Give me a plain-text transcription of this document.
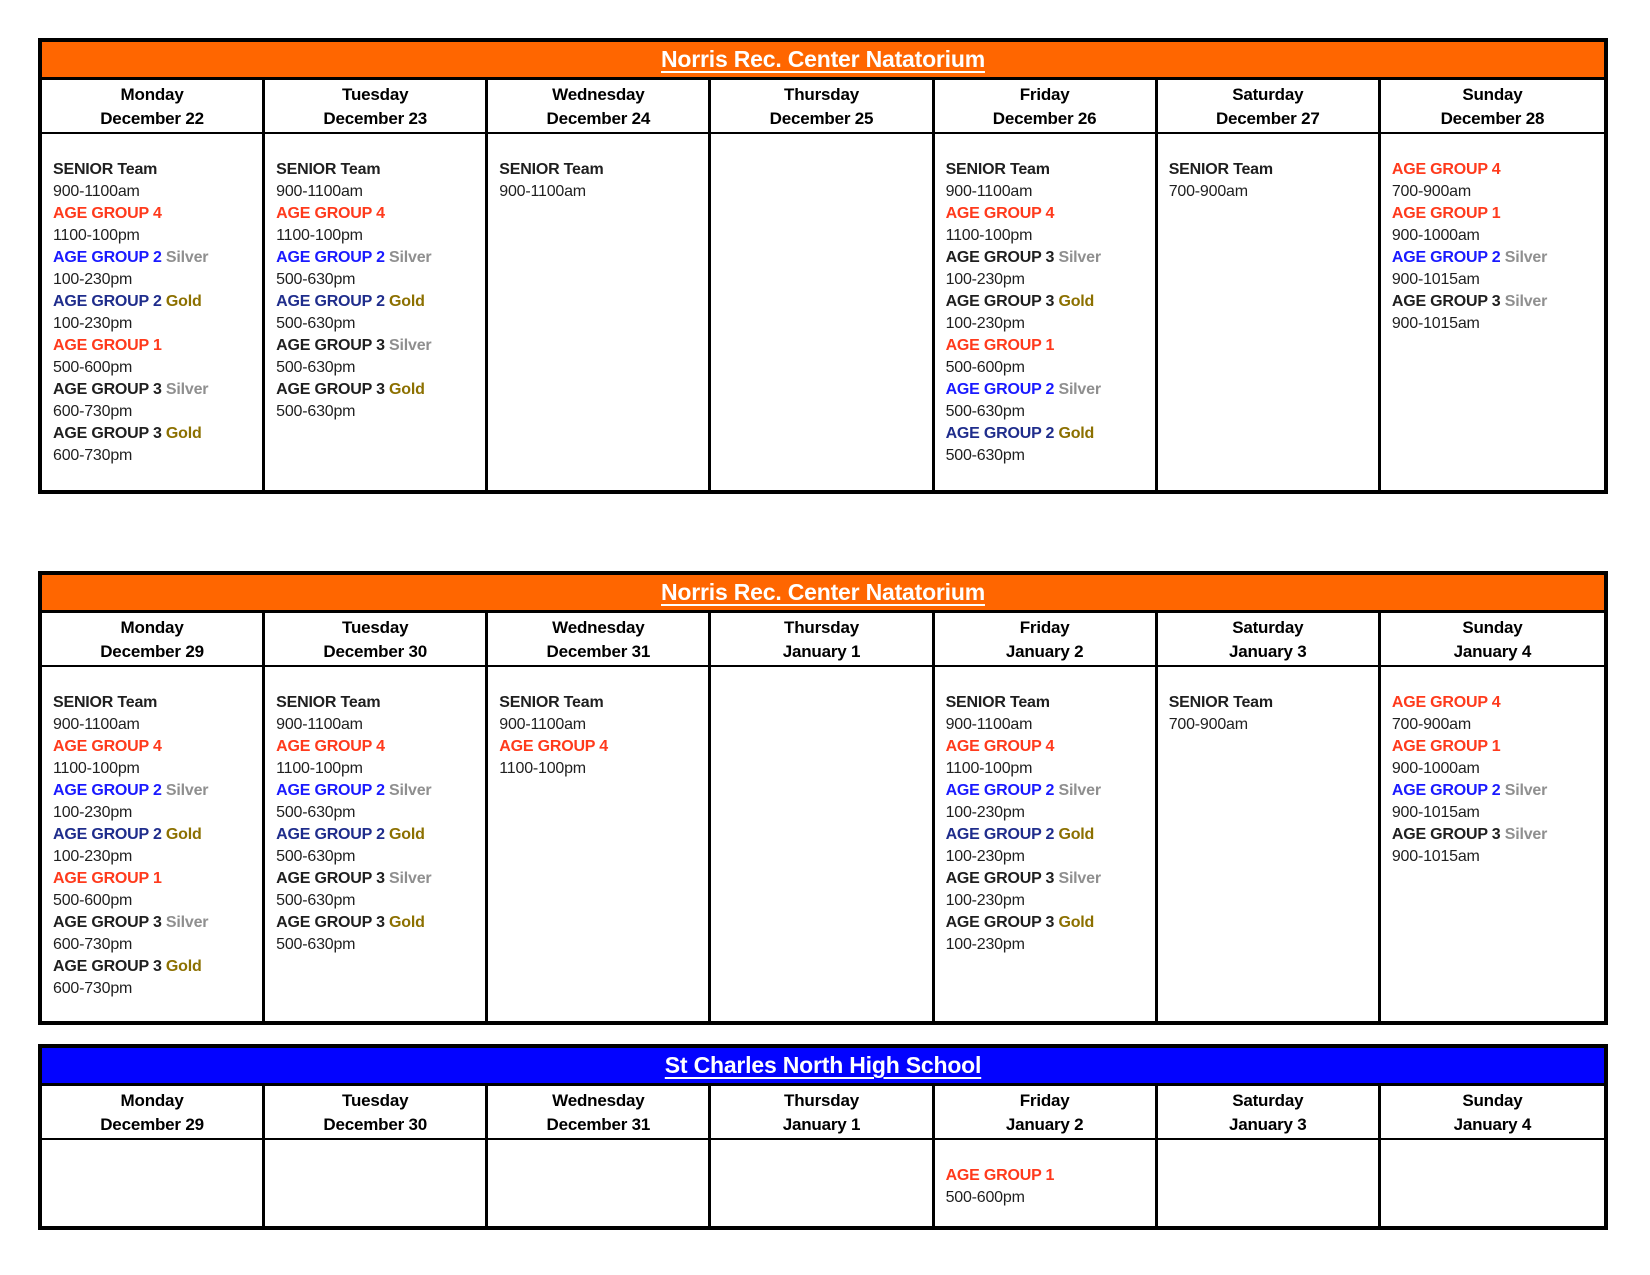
Norris Rec. Center Natatorium
Monday
December 22
Tuesday
December 23
Wednesday
December 24
Thursday
December 25
Friday
December 26
Saturday
December 27
Sunday
December 28
SENIOR Team
900-1100am
AGE GROUP 4
1100-100pm
AGE GROUP 2 Silver
100-230pm
AGE GROUP 2 Gold
100-230pm
AGE GROUP 1
500-600pm
AGE GROUP 3 Silver
600-730pm
AGE GROUP 3 Gold
600-730pm
SENIOR Team
900-1100am
AGE GROUP 4
1100-100pm
AGE GROUP 2 Silver
500-630pm
AGE GROUP 2 Gold
500-630pm
AGE GROUP 3 Silver
500-630pm
AGE GROUP 3 Gold
500-630pm
SENIOR Team
900-1100am
SENIOR Team
900-1100am
AGE GROUP 4
1100-100pm
AGE GROUP 3 Silver
100-230pm
AGE GROUP 3 Gold
100-230pm
AGE GROUP 1
500-600pm
AGE GROUP 2 Silver
500-630pm
AGE GROUP 2 Gold
500-630pm
SENIOR Team
700-900am
AGE GROUP 4
700-900am
AGE GROUP 1
900-1000am
AGE GROUP 2 Silver
900-1015am
AGE GROUP 3 Silver
900-1015am
Norris Rec. Center Natatorium
Monday
December 29
Tuesday
December 30
Wednesday
December 31
Thursday
January 1
Friday
January 2
Saturday
January 3
Sunday
January 4
SENIOR Team
900-1100am
AGE GROUP 4
1100-100pm
AGE GROUP 2 Silver
100-230pm
AGE GROUP 2 Gold
100-230pm
AGE GROUP 1
500-600pm
AGE GROUP 3 Silver
600-730pm
AGE GROUP 3 Gold
600-730pm
SENIOR Team
900-1100am
AGE GROUP 4
1100-100pm
AGE GROUP 2 Silver
500-630pm
AGE GROUP 2 Gold
500-630pm
AGE GROUP 3 Silver
500-630pm
AGE GROUP 3 Gold
500-630pm
SENIOR Team
900-1100am
AGE GROUP 4
1100-100pm
SENIOR Team
900-1100am
AGE GROUP 4
1100-100pm
AGE GROUP 2 Silver
100-230pm
AGE GROUP 2 Gold
100-230pm
AGE GROUP 3 Silver
100-230pm
AGE GROUP 3 Gold
100-230pm
SENIOR Team
700-900am
AGE GROUP 4
700-900am
AGE GROUP 1
900-1000am
AGE GROUP 2 Silver
900-1015am
AGE GROUP 3 Silver
900-1015am
St Charles North High School
Monday
December 29
Tuesday
December 30
Wednesday
December 31
Thursday
January 1
Friday
January 2
Saturday
January 3
Sunday
January 4
AGE GROUP 1
500-600pm
